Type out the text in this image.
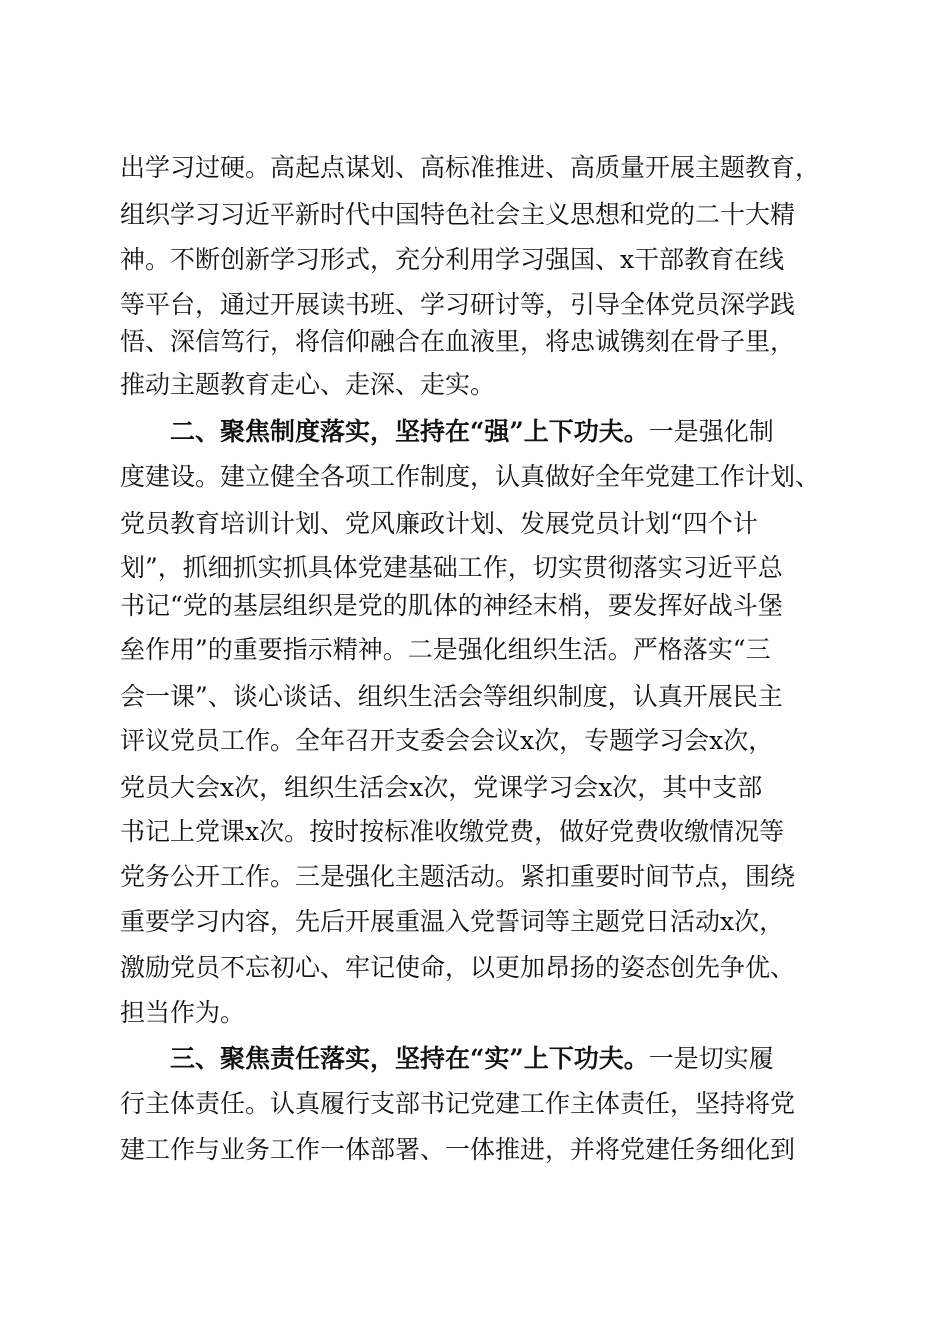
出学习过硬。高起点谋划、高标准推进、高质量开展主题教育，
组织学习习近平新时代中国特色社会主义思想和党的二十大精
神。不断创新学习形式，充分利用学习强国、x干部教育在线
等平台，通过开展读书班、学习研讨等，引导全体党员深学践
悟、深信笃行，将信仰融合在血液里，将忠诚镌刻在骨子里，
推动主题教育走心、走深、走实。
二、聚焦制度落实，坚持在“强”上下功夫。一是强化制
度建设。建立健全各项工作制度，认真做好全年党建工作计划、
党员教育培训计划、党风廉政计划、发展党员计划“四个计
划”，抓细抓实抓具体党建基础工作，切实贯彻落实习近平总
书记“党的基层组织是党的肌体的神经末梢，要发挥好战斗堡
垒作用”的重要指示精神。二是强化组织生活。严格落实“三
会一课”、谈心谈话、组织生活会等组织制度，认真开展民主
评议党员工作。全年召开支委会会议x次，专题学习会x次，
党员大会x次，组织生活会x次，党课学习会x次，其中支部
书记上党课x次。按时按标准收缴党费，做好党费收缴情况等
党务公开工作。三是强化主题活动。紧扣重要时间节点，围绕
重要学习内容，先后开展重温入党誓词等主题党日活动x次，
激励党员不忘初心、牢记使命，以更加昂扬的姿态创先争优、
担当作为。
三、聚焦责任落实，坚持在“实”上下功夫。一是切实履
行主体责任。认真履行支部书记党建工作主体责任，坚持将党
建工作与业务工作一体部署、一体推进，并将党建任务细化到
